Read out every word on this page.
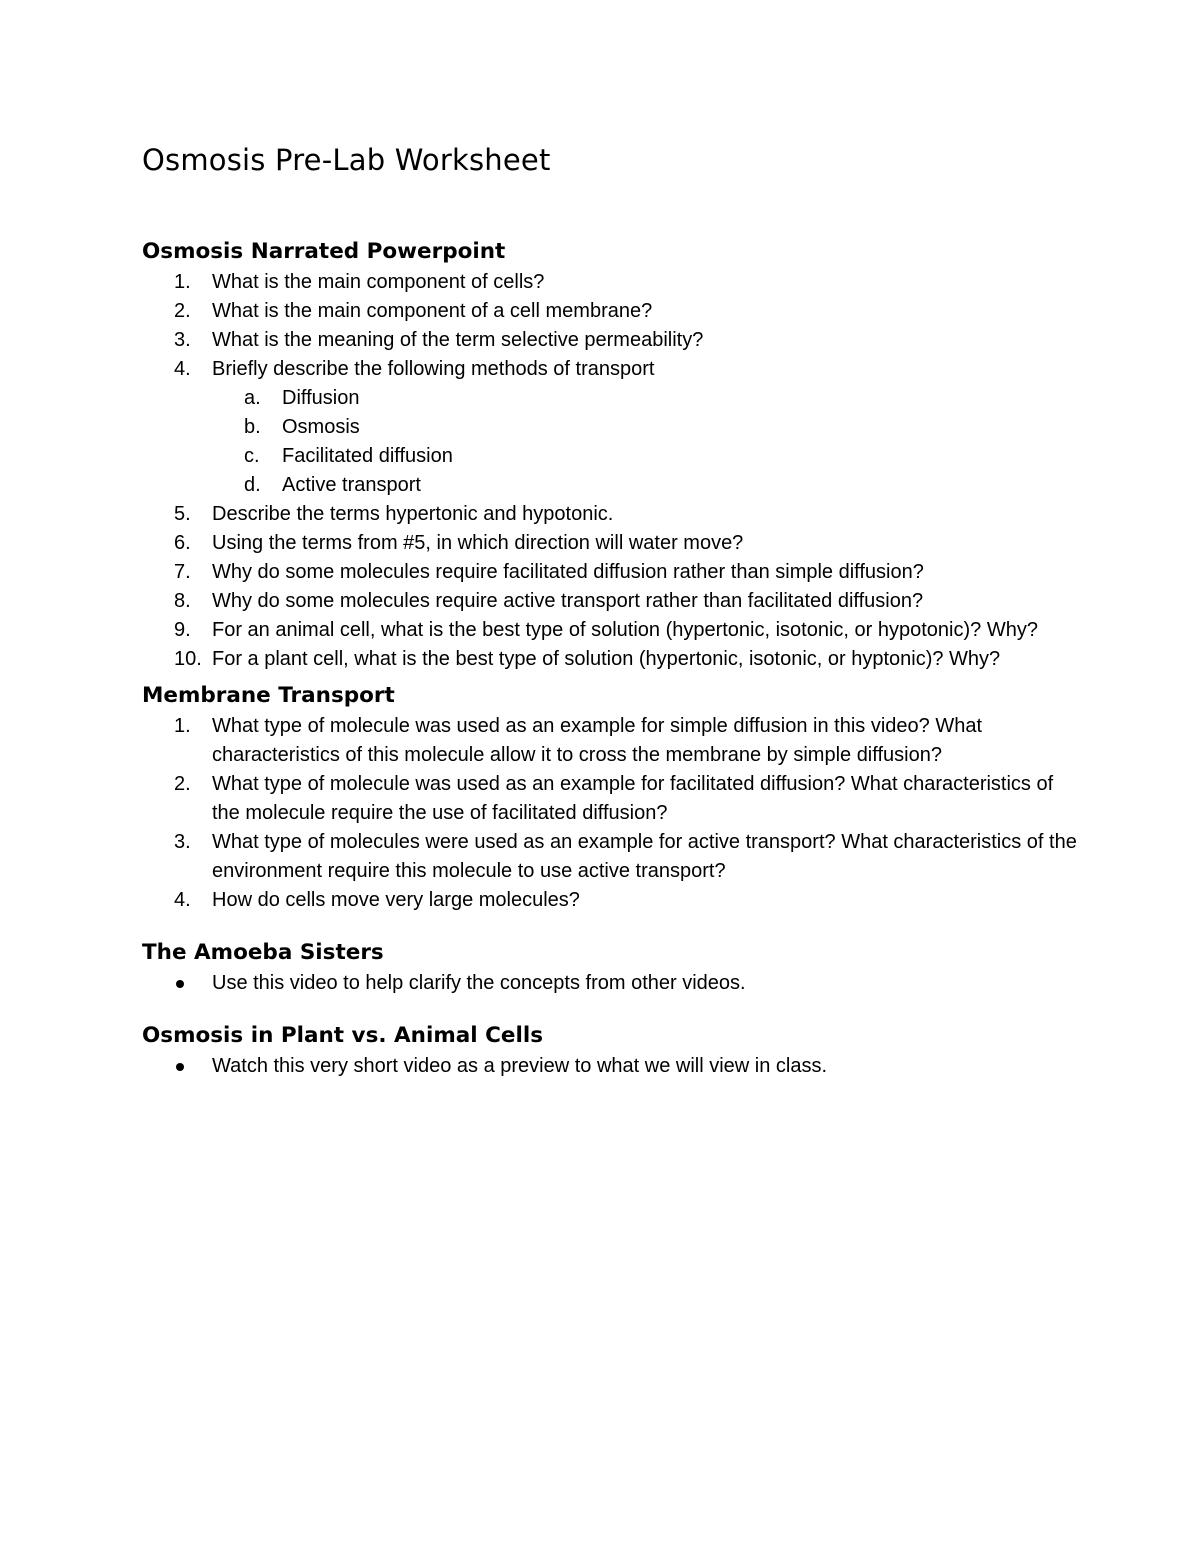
Osmosis Pre-Lab Worksheet
Osmosis Narrated Powerpoint
1.	What is the main component of cells?
2.	What is the main component of a cell membrane?
3.	What is the meaning of the term selective permeability?
4.	Briefly describe the following methods of transport
a. Diffusion
b. Osmosis
c. Facilitated diffusion
d. Active transport
5.	Describe the terms hypertonic and hypotonic.
6.	Using the terms from #5, in which direction will water move?
7.	Why do some molecules require facilitated diffusion rather than simple diffusion?
8.	Why do some molecules require active transport rather than facilitated diffusion?
9.	For an animal cell, what is the best type of solution (hypertonic, isotonic, or hypotonic)? Why?
10. For a plant cell, what is the best type of solution (hypertonic, isotonic, or hyptonic)? Why?
Membrane Transport
1.	What type of molecule was used as an example for simple diffusion in this video? What characteristics of this molecule allow it to cross the membrane by simple diffusion?
2.	What type of molecule was used as an example for facilitated diffusion? What characteristics of the molecule require the use of facilitated diffusion?
3.	What type of molecules were used as an example for active transport? What characteristics of the environment require this molecule to use active transport?
4.	How do cells move very large molecules?
The Amoeba Sisters
Use this video to help clarify the concepts from other videos.
Osmosis in Plant vs. Animal Cells
Watch this very short video as a preview to what we will view in class.
